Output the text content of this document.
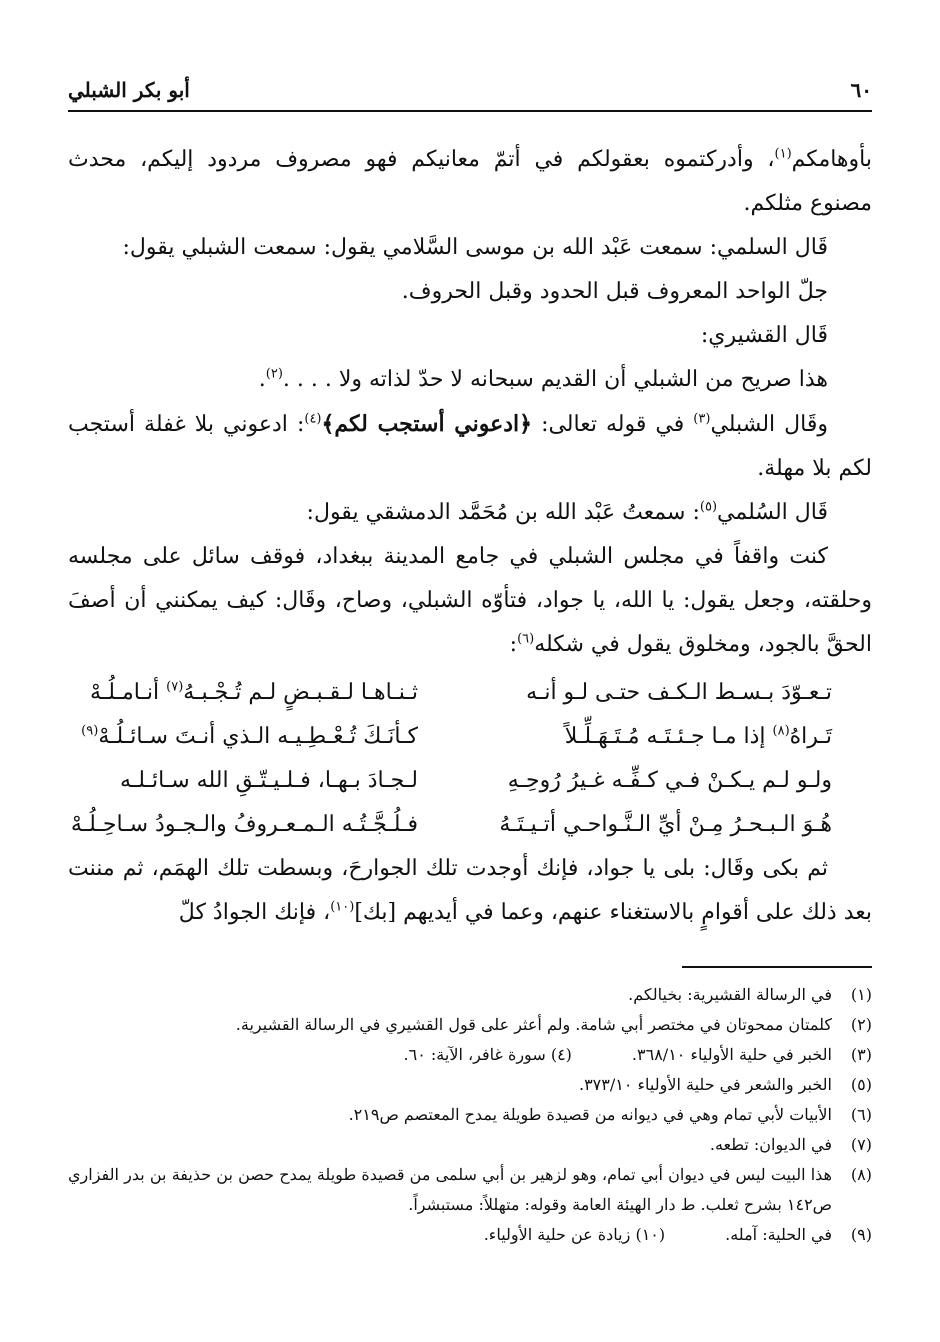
٦٠
أبو بكر الشبلي

بأوهامكم$^{(١)}$، وأدركتموه بعقولكم في أتمّ معانيكم فهو مصروف مردود إليكم، محدث مصنوع مثلكم.

قَال السلمي: سمعت عَبْد الله بن موسى السَّلامي يقول: سمعت الشبلي يقول:

جلّ الواحد المعروف قبل الحدود وقبل الحروف.

قَال القشيري:

هذا صريح من الشبلي أن القديم سبحانه لا حدّ لذاته ولا . . . .$^{(٢)}$.

وقَال الشبلي$^{(٣)}$ في قوله تعالى: ﴿ادعوني أستجب لكم﴾$^{(٤)}$: ادعوني بلا غفلة أستجب لكم بلا مهلة.

قَال السُلمي$^{(٥)}$: سمعتُ عَبْد الله بن مُحَمَّد الدمشقي يقول:

كنت واقفاً في مجلس الشبلي في جامع المدينة ببغداد، فوقف سائل على مجلسه وحلقته، وجعل يقول: يا الله، يا جواد، فتأوّه الشبلي، وصاح، وقَال: كيف يمكنني أن أصفَ الحقَّ بالجود، ومخلوق يقول في شكله$^{(٦)}$:

تـعـوّدَ بـسـط الـكـف حتـى لـو أنـه
ثـنـاهـا لـقـبـضٍ لـم تُـجْـبـهُ$^{(٧)}$ أنـامـلُـهْ
تَـراهُ$^{(٨)}$ إذا مـا جـئـتَـه مُـتَـهَـلِّـلاً
كـأنَـكَ تُـعْـطِـيـه الـذي أنـتَ سـائـلُـهْ$^{(٩)}$
ولـو لـم يـكـنْ فـي كـفِّـه غـيرُ رُوحِـهِ
لـجـادَ بـهـا، فـلـيـتّـقِ الله سـائـلـه
هُـوَ الـبـحـرُ مِـنْ أيِّ الـنَّـواحـي أتـيـتَـهُ
فـلُـجَّـتُـه الـمـعـروفُ والـجـودُ سـاحِـلُـهْ

ثم بكى وقَال: بلى يا جواد، فإنك أوجدت تلك الجوارحَ، وبسطت تلك الهمَم، ثم مننت بعد ذلك على أقوامٍ بالاستغناء عنهم، وعما في أيديهم [بك]$^{(١٠)}$، فإنك الجوادُ كلّ

(١)
في الرسالة القشيرية: بخيالكم.
(٢)
كلمتان ممحوتان في مختصر أبي شامة. ولم أعثر على قول القشيري في الرسالة القشيرية.
(٣)
الخبر في حلية الأولياء ٣٦٨/١٠.
(٤) سورة غافر، الآية: ٦٠.
(٥)
الخبر والشعر في حلية الأولياء ٣٧٣/١٠.
(٦)
الأبيات لأبي تمام وهي في ديوانه من قصيدة طويلة يمدح المعتصم ص٢١٩.
(٧)
في الديوان: تطعه.
(٨)
هذا البيت ليس في ديوان أبي تمام، وهو لزهير بن أبي سلمى من قصيدة طويلة يمدح حصن بن حذيفة بن بدر الفزاري ص١٤٢ بشرح ثعلب. ط دار الهيئة العامة وقوله: متهللاً: مستبشراً.
(٩)
في الحلية: آمله.
(١٠) زيادة عن حلية الأولياء.
